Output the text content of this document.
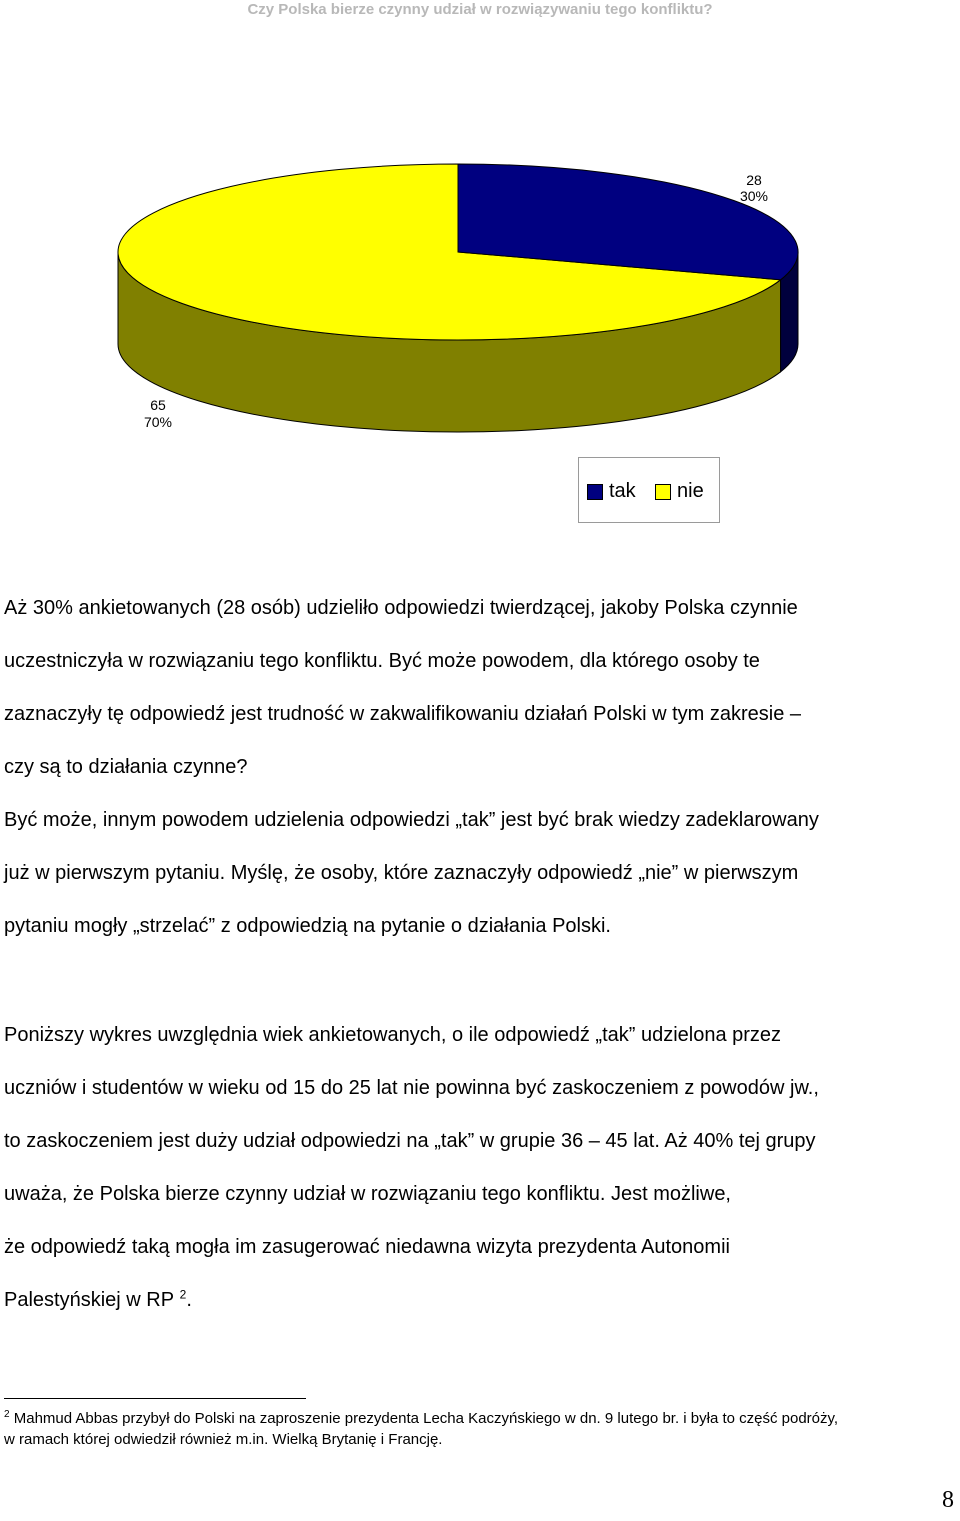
Czy Polska bierze czynny udział w rozwiązywaniu tego konfliktu?
28
30%
65
70%
tak nie
Aż 30% ankietowanych (28 osób) udzieliło odpowiedzi twierdzącej, jakoby Polska czynnie
uczestniczyła w rozwiązaniu tego konfliktu. Być może powodem, dla którego osoby te
zaznaczyły tę odpowiedź jest trudność w zakwalifikowaniu działań Polski w tym zakresie –
czy są to działania czynne?
Być może, innym powodem udzielenia odpowiedzi „tak” jest być brak wiedzy zadeklarowany
już w pierwszym pytaniu. Myślę, że osoby, które zaznaczyły odpowiedź „nie” w pierwszym
pytaniu mogły „strzelać” z odpowiedzią na pytanie o działania Polski.
Poniższy wykres uwzględnia wiek ankietowanych, o ile odpowiedź „tak” udzielona przez
uczniów i studentów w wieku od 15 do 25 lat nie powinna być zaskoczeniem z powodów jw.,
to zaskoczeniem jest duży udział odpowiedzi na „tak” w grupie 36 – 45 lat. Aż 40% tej grupy
uważa, że Polska bierze czynny udział w rozwiązaniu tego konfliktu. Jest możliwe,
że odpowiedź taką mogła im zasugerować niedawna wizyta prezydenta Autonomii
Palestyńskiej w RP $^2$.
$^2$ Mahmud Abbas przybył do Polski na zaproszenie prezydenta Lecha Kaczyńskiego w dn. 9 lutego br. i była to część podróży,
w ramach której odwiedził również m.in. Wielką Brytanię i Francję.
8
